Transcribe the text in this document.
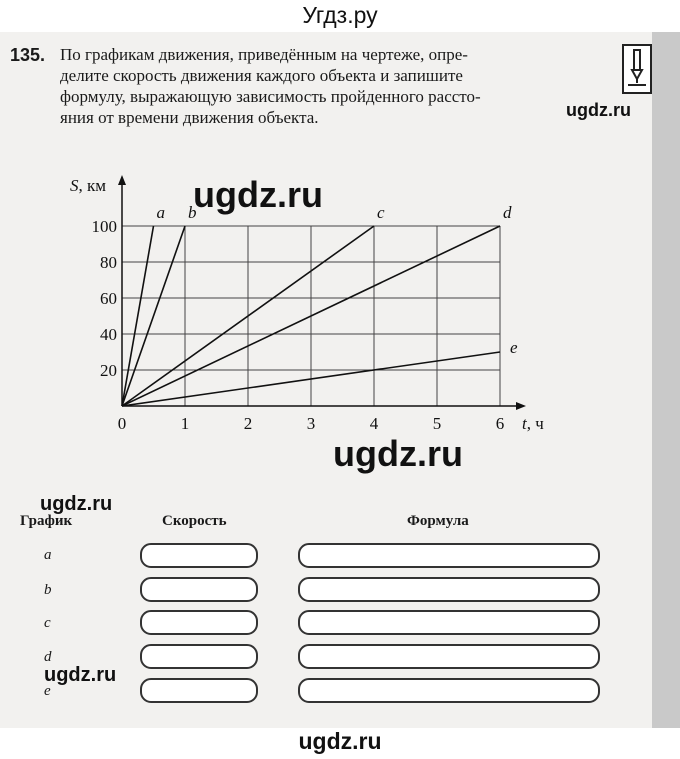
Угдз.ру
135. По графикам движения, приведённым на чертеже, опре-
делите скорость движения каждого объекта и запишите
формулу, выражающую зависимость пройденного рассто-
яния от времени движения объекта.	ugdz.ru
a b	c	d
e
0	1	2	3	4	5	6
20
40
60
80
100
S, км
t, ч
ugdz.ru
ugdz.ru
ugdz.ru
График	Скорость	Формула
a
b
c
d
e
ugdz.ru
ugdz.ru
